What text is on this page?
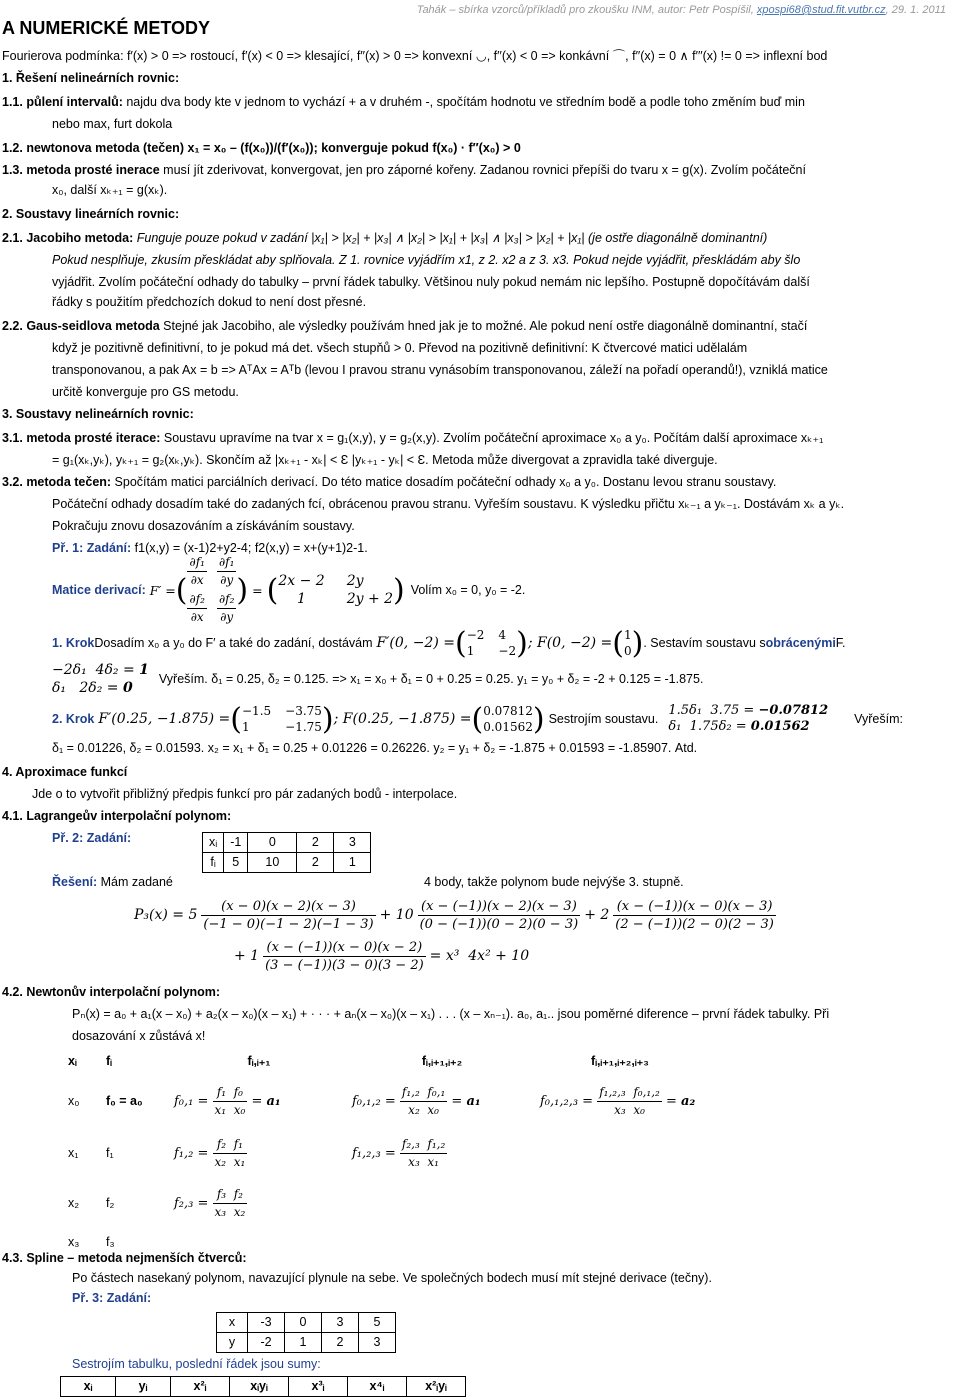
Tahák – sbírka vzorců/příkladů pro zkoušku INM, autor: Petr Pospíšil, xpospi68@stud.fit.vutbr.cz, 29. 1. 2011
A NUMERICKÉ METODY
Fourierova podmínka: f′(x) > 0 => rostoucí, f′(x) < 0 => klesající, f′′(x) > 0 => konvexní ◡, f′′(x) < 0 => konkávní ⌒, f′′(x) = 0 ∧ f′′′(x) != 0 => inflexní bod
1. Řešení nelineárních rovnic:
1.1. půlení intervalů: najdu dva body kte v jednom to vychází + a v druhém -, spočítám hodnotu ve středním bodě a podle toho změním buď min
nebo max, furt dokola
1.2. newtonova metoda (tečen) x₁ = x₀ – (f(x₀))/(f′(x₀)); konverguje pokud f(x₀) · f′′(x₀) > 0
1.3. metoda prosté inerace musí jít zderivovat, konvergovat, jen pro záporné kořeny. Zadanou rovnici přepíši do tvaru x = g(x). Zvolím počáteční
x₀, další xₖ₊₁ = g(xₖ).
2. Soustavy lineárních rovnic:
2.1. Jacobiho metoda: Funguje pouze pokud v zadání |x₁| > |x₂| + |x₃| ∧ |x₂| > |x₁| + |x₃| ∧ |x₃| > |x₂| + |x₁| (je ostře diagonálně dominantní)
Pokud nesplňuje, zkusím přeskládat aby splňovala. Z 1. rovnice vyjádřím x1, z 2. x2 a z 3. x3. Pokud nejde vyjádřit, přeskládám aby šlo
vyjádřit. Zvolím počáteční odhady do tabulky – první řádek tabulky. Většinou nuly pokud nemám nic lepšího. Postupně dopočítávám další
řádky s použitím předchozích dokud to není dost přesné.
2.2. Gaus-seidlova metoda Stejné jak Jacobiho, ale výsledky používám hned jak je to možné. Ale pokud není ostře diagonálně dominantní, stačí
když je pozitivně definitivní, to je pokud má det. všech stupňů > 0. Převod na pozitivně definitivní: K čtvercové matici udělalám
transponovanou, a pak Ax = b => AᵀAx = Aᵀb (levou I pravou stranu vynásobím transponovanou, záleží na pořadí operandů!), vzniklá matice
určitě konverguje pro GS metodu.
3. Soustavy nelineárních rovnic:
3.1. metoda prosté iterace: Soustavu upravíme na tvar x = g₁(x,y), y = g₂(x,y). Zvolím počáteční aproximace x₀ a y₀. Počítám další aproximace xₖ₊₁
= g₁(xₖ,yₖ), yₖ₊₁ = g₂(xₖ,yₖ). Skončím až |xₖ₊₁ - xₖ| < Ɛ |yₖ₊₁ - yₖ| < Ɛ. Metoda může divergovat a zpravidla také diverguje.
3.2. metoda tečen: Spočítám matici parciálních derivací. Do této matice dosadím počáteční odhady x₀ a y₀. Dostanu levou stranu soustavy.
Počáteční odhady dosadím také do zadaných fcí, obrácenou pravou stranu. Vyřeším soustavu. K výsledku přičtu xₖ₋₁ a yₖ₋₁. Dostávám xₖ a yₖ.
Pokračuju znovu dosazováním a získáváním soustavy.
Př. 1: Zadání: f1(x,y) = (x-1)2+y2-4; f2(x,y) = x+(y+1)2-1.
Matice derivací: F′ = (
$\frac{\text{∂f₁}}{\partial x} \frac{\text{∂f₁}}{\partial y}$
$\frac{\text{∂f₂}}{\partial x} \frac{\text{∂f₂}}{\partial y}$
) = ( 2x − 2 2y
1	2y + 2 ) Volím x₀ = 0, y₀ = -2.
1. Krok Dosadím x₀ a y₀ do F′ a také do zadání, dostávám F′(0, −2) = ( −2 4
1	−2 ) ; F(0, −2) = ( 1
0 ) . Sestavím soustavu s obrácenými F.
−2δ₁  4δ₂ = 1
δ₁   2δ₂ = 0
Vyřeším. δ₁ = 0.25, δ₂ = 0.125. => x₁ = x₀ + δ₁ = 0 + 0.25 = 0.25. y₁ = y₀ + δ₂ = -2 + 0.125 = -1.875.
2. Krok F′(0.25, −1.875) = ( −1.5 −3.75
1	−1.75 ) ; F(0.25, −1.875) = ( 0.07812
0.01562 ) Sestrojím soustavu.
1.5δ₁  3.75 = −0.07812
δ₁  1.75δ₂ = 0.01562
Vyřeším:
δ₁ = 0.01226, δ₂ = 0.01593. x₂ = x₁ + δ₁ = 0.25 + 0.01226 = 0.26226. y₂ = y₁ + δ₂ = -1.875 + 0.01593 = -1.85907. Atd.
4. Aproximace funkcí
Jde o to vytvořit přibližný předpis funkcí pro pár zadaných bodů - interpolace.
4.1. Lagrangeův interpolační polynom:
Př. 2: Zadání:	xᵢ	-1	0	2	3
fᵢ	5	10	2	1
Řešení: Mám zadané	4 body, takže polynom bude nejvýše 3. stupně.
$P_3(x) = 5 \frac{(x - 0)(x - 2)(x - 3)}{(-1 - 0)(-1 - 2)(-1 - 3)} + 10 \frac{(x - (-1))(x - 2)(x - 3)}{(0 - (-1))(0 - 2)(0 - 3)} + 2 \frac{(x - (-1))(x - 0)(x - 3)}{(2 - (-1))(2 - 0)(2 - 3)}$
+ $1 \frac{(x - (-1))(x - 0)(x - 2)}{(3 - (-1))(3 - 0)(3 - 2)} = x^3$  4x² + 10
4.2. Newtonův interpolační polynom:
Pₙ(x) = a₀ + a₁(x – x₀) + a₂(x – x₀)(x – x₁) + · · · + aₙ(x – x₀)(x – x₁) . . . (x – xₙ₋₁). a₀, a₁.. jsou poměrné diference – první řádek tabulky. Při
dosazování x zůstává x!
xᵢ	fᵢ	fᵢ,ᵢ₊₁	fᵢ,ᵢ₊₁,ᵢ₊₂	fᵢ,ᵢ₊₁,ᵢ₊₂,ᵢ₊₃
x₀	f₀ = a₀	$f_0,_1 = \frac{\text{f₁  f₀}}{\text{x₁  x₀}} = a_1$	$f_0,_1,_2 = \frac{\text{f₁,₂  f₀,₁}}{\text{x₂  x₀}} = a_1$	$f_0,_1,_2,_3 = \frac{\text{f₁,₂,₃  f₀,₁,₂}}{\text{x₃  x₀}} = a_2$
x₁	f₁	$f_1,_2 = \frac{\text{f₂  f₁}}{\text{x₂  x₁}}$	$f_1,_2,_3 = \frac{\text{f₂,₃  f₁,₂}}{\text{x₃  x₁}}$

x₂	f₂	$f_2,_3 = \frac{\text{f₃  f₂}}{\text{x₃  x₂}}$

x₃	f₃			
4.3. Spline – metoda nejmenších čtverců:
Po částech nasekaný polynom, navazující plynule na sebe. Ve společných bodech musí mít stejné derivace (tečny).
Př. 3: Zadání:
x	-3	0	3	5
y	-2	1	2	3
Sestrojím tabulku, poslední řádek jsou sumy:
xᵢ	yᵢ	x²ᵢ	xᵢyᵢ	x³ᵢ	x⁴ᵢ	x²ᵢyᵢ
